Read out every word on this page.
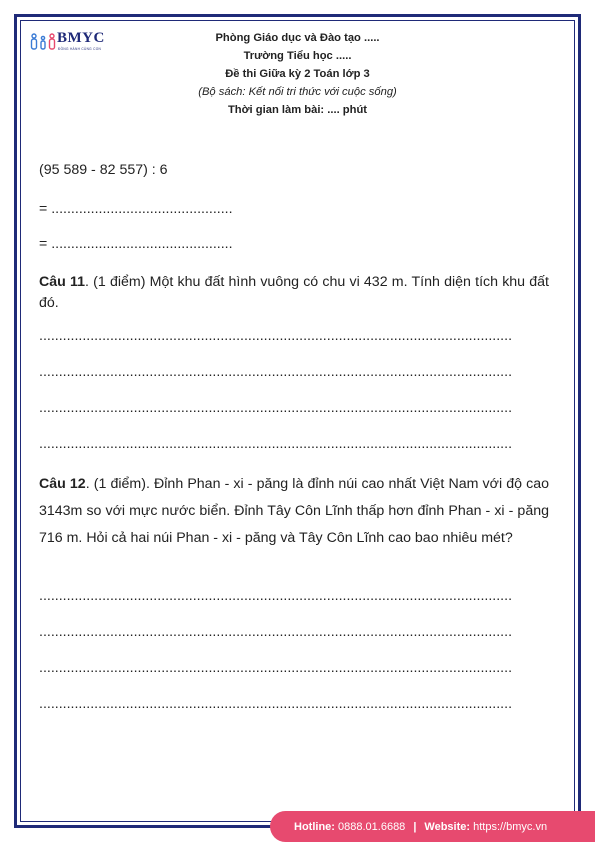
BMYC
ĐỒNG HÀNH CÙNG CON
Phòng Giáo dục và Đào tạo .....
Trường Tiểu học .....
Đề thi Giữa kỳ 2 Toán lớp 3
(Bộ sách: Kết nối tri thức với cuộc sống)
Thời gian làm bài: .... phút
(95 589 - 82 557) : 6
= ..............................................
= ..............................................
Câu 11. (1 điểm) Một khu đất hình vuông có chu vi 432 m. Tính diện tích khu đất đó.
........................................................................................................................
........................................................................................................................
........................................................................................................................
........................................................................................................................
Câu 12. (1 điểm). Đỉnh Phan - xi - păng là đỉnh núi cao nhất Việt Nam với độ cao 3143m so với mực nước biển. Đỉnh Tây Côn Lĩnh thấp hơn đỉnh Phan - xi - păng 716 m. Hỏi cả hai núi Phan - xi - păng và Tây Côn Lĩnh cao bao nhiêu mét?
........................................................................................................................
........................................................................................................................
........................................................................................................................
........................................................................................................................
Hotline:
0888.01.6688 | Website:
https://bmyc.vn
